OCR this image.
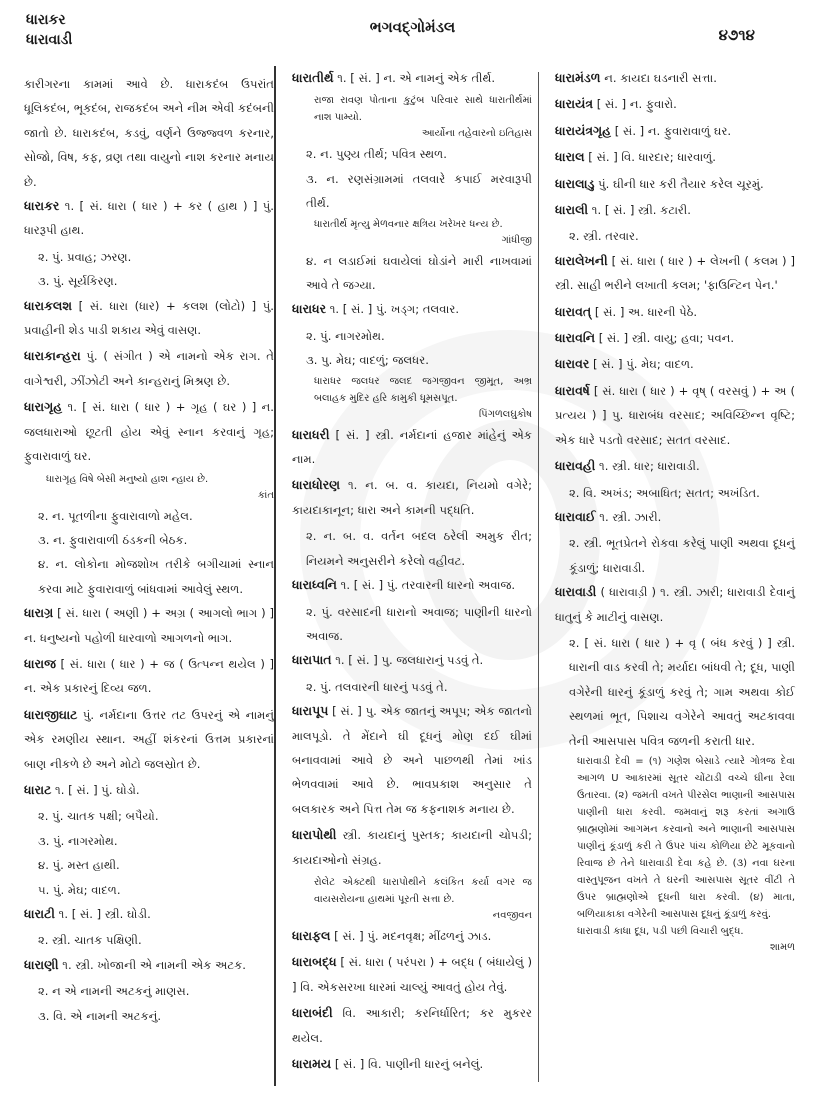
ધારાકર
ધારાવાડી
ભગવદ્ગોમંડલ	૪૭૧૪
કારીગરના કામમાં આવે છે. ધારાકદંબ ઉપરાંત ધૂલિકદંબ, ભૂકદંબ, રાજકદંબ અને નીમ એવી કદંબની જાતો છે. ધારાકદંબ, કડવું, વર્ણને ઉજ્જ્વળ કરનાર, સોજો, વિષ, કફ, વ્રણ તથા વાયુનો નાશ કરનાર મનાય છે.
ધારાકર ૧. [ સં. ધારા ( ધાર ) + કર ( હાથ ) ] પું. ધારરૂપી હાથ.
૨. પું. પ્રવાહ; ઝરણ.
૩. પું. સૂર્યકિરણ.
ધારાકલશ [ સં. ધારા (ધાર) + કલશ (લોટો) ] પું. પ્રવાહીની શેડ પાડી શકાય એવું વાસણ.
ધારાકાન્હરા પું. ( સંગીત ) એ નામનો એક રાગ. તે વાગેશ્વરી, ઝીંઝોટી અને કાન્હરાનું મિશ્રણ છે.
ધારાગૃહ ૧. [ સં. ધારા ( ધાર ) + ગૃહ ( ઘર ) ] ન. જલધારાઓ છૂટતી હોય એવું સ્નાન કરવાનું ગૃહ; ફુવારાવાળું ઘર.
ધારાગૃહ વિષે બેસી મનુષ્યો હાશ ન્હાય છે.
કાંત
૨. ન. પૂતળીના ફુવારાવાળો મહેલ.
૩. ન. ફુવારાવાળી ઠંડકની બેઠક.
૪. ન. લોકોના મોજશોખ તરીકે બગીચામાં સ્નાન કરવા માટે ફુવારાવાળું બાંધવામાં આવેલું સ્થળ.
ધારાગ્ર [ સં. ધારા ( અણી ) + અગ્ર ( આગલો ભાગ ) ] ન. ધનુષ્યનો પહોળી ધારવાળો આગળનો ભાગ.
ધારાજ [ સં. ધારા ( ધાર ) + જ ( ઉત્પન્ન થયેલ ) ] ન. એક પ્રકારનું દિવ્ય જળ.
ધારાજીઘાટ પું. નર્મદાના ઉત્તર તટ ઉપરનું એ નામનું એક રમણીય સ્થાન. અહીં શંકરનાં ઉત્તમ પ્રકારનાં બાણ નીકળે છે અને મોટો જલસ્રોત છે.
ધારાટ ૧. [ સં. ] પું. ઘોડો.
૨. પું. ચાતક પક્ષી; બપૈયો.
૩. પું. નાગરમોથ.
૪. પું. મસ્ત હાથી.
૫. પું. મેઘ; વાદળ.
ધારાટી ૧. [ સં. ] સ્ત્રી. ઘોડી.
૨. સ્ત્રી. ચાતક પક્ષિણી.
ધારાણી ૧. સ્ત્રી. ખોજાની એ નામની એક અટક.
૨. ન એ નામની અટકનું માણસ.
૩. વિ. એ નામની અટકનું.
ધારાતીર્થ ૧. [ સં. ] ન. એ નામનું એક તીર્થ.
રાજા રાવણ પોતાના કુટુંબ પરિવાર સાથે ધારાતીર્થમાં નાશ પામ્યો.
આર્યોના તહેવારનો ઇતિહાસ
૨. ન. પુણ્ય તીર્થ; પવિત્ર સ્થળ.
૩. ન. રણસંગ્રામમાં તલવારે કપાઈ મરવારૂપી તીર્થ.
ધારાતીર્થ મૃત્યુ મેળવનાર ક્ષત્રિય ખરેખર ધન્ય છે.
ગાંધીજી
૪. ન લડાઈમાં ઘવાયેલાં ઘોડાંને મારી નાખવામાં આવે તે જગ્યા.
ધારાધર ૧. [ સં. ] પું. ખડ્ગ; તલવાર.
૨. પું. નાગરમોથ.
૩. પુ. મેઘ; વાદળું; જલધર.
ધારાધર જલધર જલદ જગજીવન જીમૂત, અભ્ર બલાહક મુદિર હરિ કામુકી ધૂમસપૂત.
પિંગળલઘુકોષ
ધારાધરી [ સં. ] સ્ત્રી. નર્મદાનાં હજાર માંહેનું એક નામ.
ધારાધોરણ ૧. ન. બ. વ. કાયદા, નિયમો વગેરે; કાયદાકાનૂન; ધારા અને કામની પદ્ધતિ.
૨. ન. બ. વ. વર્તન બદલ ઠરેલી અમુક રીત; નિયમને અનુસરીને કરેલો વહીવટ.
ધારાધ્વનિ ૧. [ સં. ] પું. તરવારની ધારનો અવાજ.
૨. પું. વરસાદની ધારાનો અવાજ; પાણીની ધારનો અવાજ.
ધારાપાત ૧. [ સં. ] પુ. જલધારાનું પડવું તે.
૨. પું. તલવારની ધારનું પડવું તે.
ધારાપૂપ [ સં. ] પુ. એક જાતનું અપૂપ; એક જાતનો માલપૂડો. તે મેંદાને ઘી દૂધનું મોણ દઈ ઘીમાં બનાવવામાં આવે છે અને પાછળથી તેમાં ખાંડ ભેળવવામાં આવે છે. ભાવપ્રકાશ અનુસાર તે બલકારક અને પિત્ત તેમ જ કફનાશક મનાય છે.
ધારાપોથી સ્ત્રી. કાયદાનું પુસ્તક; કાયદાની ચોપડી; કાયદાઓનો સંગ્રહ.
રોલેટ એક્ટથી ધારાપોથીને કલંકિત કર્યા વગર જ વાયસરોયના હાથમાં પૂરતી સત્તા છે.
નવજીવન
ધારાફલ [ સં. ] પું. મદનવૃક્ષ; મીંઢળનું ઝાડ.
ધારાબદ્ધ [ સં. ધારા ( પરંપરા ) + બદ્ધ ( બંધાયેલું ) ] વિ. એકસરખા ધારમાં ચાલ્યું આવતું હોય તેવું.
ધારાબંદી વિ. આકારી; કરનિર્ધારિત; કર મુકરર થયેલ.
ધારામય [ સં. ] વિ. પાણીની ધારનું બનેલું.
ધારામંડળ ન. કાયદા ઘડનારી સત્તા.
ધારાયંત્ર [ સં. ] ન. ફુવારો.
ધારાયંત્રગૃહ [ સં. ] ન. ફુવારાવાળું ઘર.
ધારાલ [ સં. ] વિ. ધારદાર; ધારવાળું.
ધારાલાડુ પું. ઘીની ધાર કરી તૈયાર કરેલ ચૂરમું.
ધારાલી ૧. [ સં. ] સ્ત્રી. કટારી.
૨. સ્ત્રી. તરવાર.
ધારાલેખની [ સં. ધારા ( ધાર ) + લેખની ( કલમ ) ] સ્ત્રી. સાહી ભરીને લખાતી કલમ; 'ફાઉન્ટિન પેન.'
ધારાવત્ [ સં. ] અ. ધારની પેઠે.
ધારાવનિ [ સં. ] સ્ત્રી. વાયુ; હવા; પવન.
ધારાવર [ સં. ] પું. મેઘ; વાદળ.
ધારાવર્ષ [ સં. ધારા ( ધાર ) + વૃષ્ ( વરસવું ) + અ ( પ્રત્યય ) ] પુ. ધારાબંધ વરસાદ; અવિચ્છિન્ન વૃષ્ટિ; એક ધારે પડતો વરસાદ; સતત વરસાદ.
ધારાવહી ૧. સ્ત્રી. ધાર; ધારાવાડી.
૨. વિ. અખંડ; અબાધિત; સતત; અખંડિત.
ધારાવાઈ ૧. સ્ત્રી. ઝારી.
૨. સ્ત્રી. ભૂતપ્રેતને રોકવા કરેલું પાણી અથવા દૂધનું કૂંડાળું; ધારાવાડી.
ધારાવાડી ( ધારાવાડ઼ી ) ૧. સ્ત્રી. ઝારી; ધારાવાડી દેવાનું ધાતુનું કે માટીનું વાસણ.
૨. [ સં. ધારા ( ધાર ) + વૃ ( બંધ કરવું ) ] સ્ત્રી. ધારાની વાડ કરવી તે; મર્યાદા બાંધવી તે; દૂધ, પાણી વગેરેની ધારનું કૂંડાળું કરવું તે; ગામ અથવા કોઈ સ્થળમાં ભૂત, પિશાચ વગેરેને આવતું અટકાવવા તેની આસપાસ પવિત્ર જળની કરાતી ધાર.
ધારાવાડી દેવી = (૧) ગણેશ બેસાડે ત્યારે ગોત્રજ દેવા આગળ U આકારમાં સૂતર ચોંટાડી વચ્ચે ઘીના રેલા ઉતારવા. (૨) જમતી વખતે પીરસેલ ભાણાની આસપાસ પાણીની ધારા કરવી. જમવાનું શરૂ કરતાં અગાઉ બ્રાહ્મણોમાં આગમન કરવાનો અને ભાણાની આસપાસ પાણીનું કૂંડાળું કરી તે ઉપર પાંચ કોળિયા છેટે મૂકવાનો રિવાજ છે તેને ધારાવાડી દેવા કહે છે. (૩) નવા ઘરના વાસ્તુપૂજન વખતે તે ઘરની આસપાસ સૂતર વીંટી તે ઉપર બ્રાહ્મણોએ દૂધની ધારા કરવી. (૪) માતા, બળિયાકાકા વગેરેની આસપાસ દૂધનું કૂંડાળું કરવું.
ધારાવાડી કાધા દૂધ, પડી પછી વિચારી બુદ્ધ.
શામળ
